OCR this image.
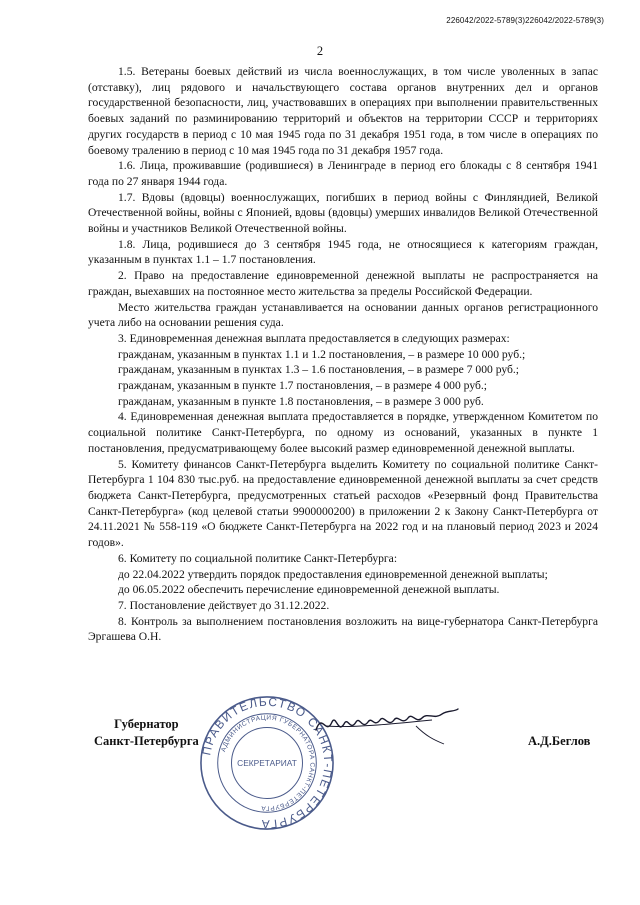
226042/2022-5789(3)226042/2022-5789(3)
2

1.5. Ветераны боевых действий из числа военнослужащих, в том числе уволенных в запас (отставку), лиц рядового и начальствующего состава органов внутренних дел и органов государственной безопасности, лиц, участвовавших в операциях при выполнении правительственных боевых заданий по разминированию территорий и объектов на территории СССР и территориях других государств в период с 10 мая 1945 года по 31 декабря 1951 года, в том числе в операциях по боевому тралению в период с 10 мая 1945 года по 31 декабря 1957 года.

1.6. Лица, проживавшие (родившиеся) в Ленинграде в период его блокады с 8 сентября 1941 года по 27 января 1944 года.

1.7. Вдовы (вдовцы) военнослужащих, погибших в период войны с Финляндией, Великой Отечественной войны, войны с Японией, вдовы (вдовцы) умерших инвалидов Великой Отечественной войны и участников Великой Отечественной войны.

1.8. Лица, родившиеся до 3 сентября 1945 года, не относящиеся к категориям граждан, указанным в пунктах 1.1 – 1.7 постановления.

2. Право на предоставление единовременной денежной выплаты не распространяется на граждан, выехавших на постоянное место жительства за пределы Российской Федерации.

Место жительства граждан устанавливается на основании данных органов регистрационного учета либо на основании решения суда.

3. Единовременная денежная выплата предоставляется в следующих размерах:

гражданам, указанным в пунктах 1.1 и 1.2 постановления, – в размере 10 000 руб.;

гражданам, указанным в пунктах 1.3 – 1.6 постановления, – в размере 7 000 руб.;

гражданам, указанным в пункте 1.7 постановления, – в размере 4 000 руб.;

гражданам, указанным в пункте 1.8 постановления, – в размере 3 000 руб.

4. Единовременная денежная выплата предоставляется в порядке, утвержденном Комитетом по социальной политике Санкт-Петербурга, по одному из оснований, указанных в пункте 1 постановления, предусматривающему более высокий размер единовременной денежной выплаты.

5. Комитету финансов Санкт-Петербурга выделить Комитету по социальной политике Санкт-Петербурга 1 104 830 тыс.руб. на предоставление единовременной денежной выплаты за счет средств бюджета Санкт-Петербурга, предусмотренных статьей расходов «Резервный фонд Правительства Санкт-Петербурга» (код целевой статьи 9900000200) в приложении 2 к Закону Санкт-Петербурга от 24.11.2021 № 558-119 «О бюджете Санкт-Петербурга на 2022 год и на плановый период 2023 и 2024 годов».

6. Комитету по социальной политике Санкт-Петербурга:

до 22.04.2022 утвердить порядок предоставления единовременной денежной выплаты;

до 06.05.2022 обеспечить перечисление единовременной денежной выплаты.

7. Постановление действует до 31.12.2022.

8. Контроль за выполнением постановления возложить на вице-губернатора Санкт-Петербурга Эргашева О.Н.

Губернатор
Санкт-Петербурга
ПРАВИТЕЛЬСТВО САНКТ-ПЕТЕРБУРГА
АДМИНИСТРАЦИЯ ГУБЕРНАТОРА САНКТ-ПЕТЕРБУРГА
СЕКРЕТАРИАТ
А.Д.Беглов
